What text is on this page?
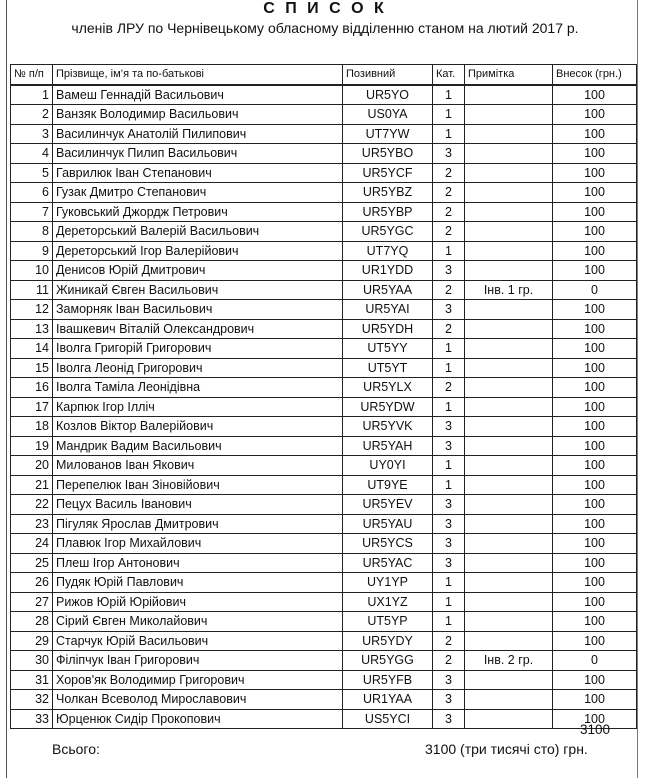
С П И С О К
членів ЛРУ по Чернівецькому обласному відділенню станом на лютий 2017 р.
№ п/п	Прізвище, ім’я та по-батькові	Позивний	Кат.	Примітка	Внесок (грн.)
1	Вамеш Геннадій Васильович	UR5YO	1		100
2	Ванзяк Володимир Васильович	US0YA	1		100
3	Василинчук Анатолій Пилипович	UT7YW	1		100
4	Василинчук Пилип Васильович	UR5YBO	3		100
5	Гаврилюк Іван Степанович	UR5YCF	2		100
6	Гузак Дмитро Степанович	UR5YBZ	2		100
7	Гуковський Джордж Петрович	UR5YBP	2		100
8	Дереторський Валерій Васильович	UR5YGC	2		100
9	Дереторський Ігор Валерійович	UT7YQ	1		100
10	Денисов Юрій Дмитрович	UR1YDD	3		100
11	Жиникай Євген Васильович	UR5YAA	2	Інв. 1 гр.	0
12	Заморняк Іван Васильович	UR5YAI	3		100
13	Івашкевич Віталій Олександрович	UR5YDH	2		100
14	Іволга Григорій Григорович	UT5YY	1		100
15	Іволга Леонід Григорович	UT5YT	1		100
16	Іволга Таміла Леонідівна	UR5YLX	2		100
17	Карпюк Ігор Ілліч	UR5YDW	1		100
18	Козлов Віктор Валерійович	UR5YVK	3		100
19	Мандрик Вадим Васильович	UR5YAH	3		100
20	Милованов Іван Якович	UY0YI	1		100
21	Перепелюк Іван Зіновійович	UT9YE	1		100
22	Пецух Василь Іванович	UR5YEV	3		100
23	Пігуляк Ярослав Дмитрович	UR5YAU	3		100
24	Плавюк Ігор Михайлович	UR5YCS	3		100
25	Плеш Ігор Антонович	UR5YAC	3		100
26	Пудяк Юрій Павлович	UY1YP	1		100
27	Рижов Юрій Юрійович	UX1YZ	1		100
28	Сірий Євген Миколайович	UT5YP	1		100
29	Старчук Юрій Васильович	UR5YDY	2		100
30	Філіпчук Іван Григорович	UR5YGG	2	Інв. 2 гр.	0
31	Хоров'як Володимир Григорович	UR5YFB	3		100
32	Чолкан Всеволод Мирославович	UR1YAA	3		100
33	Юрценюк Сидір Прокопович	US5YCI	3		100
3100
Всього:	3100 (три тисячі сто) грн.
